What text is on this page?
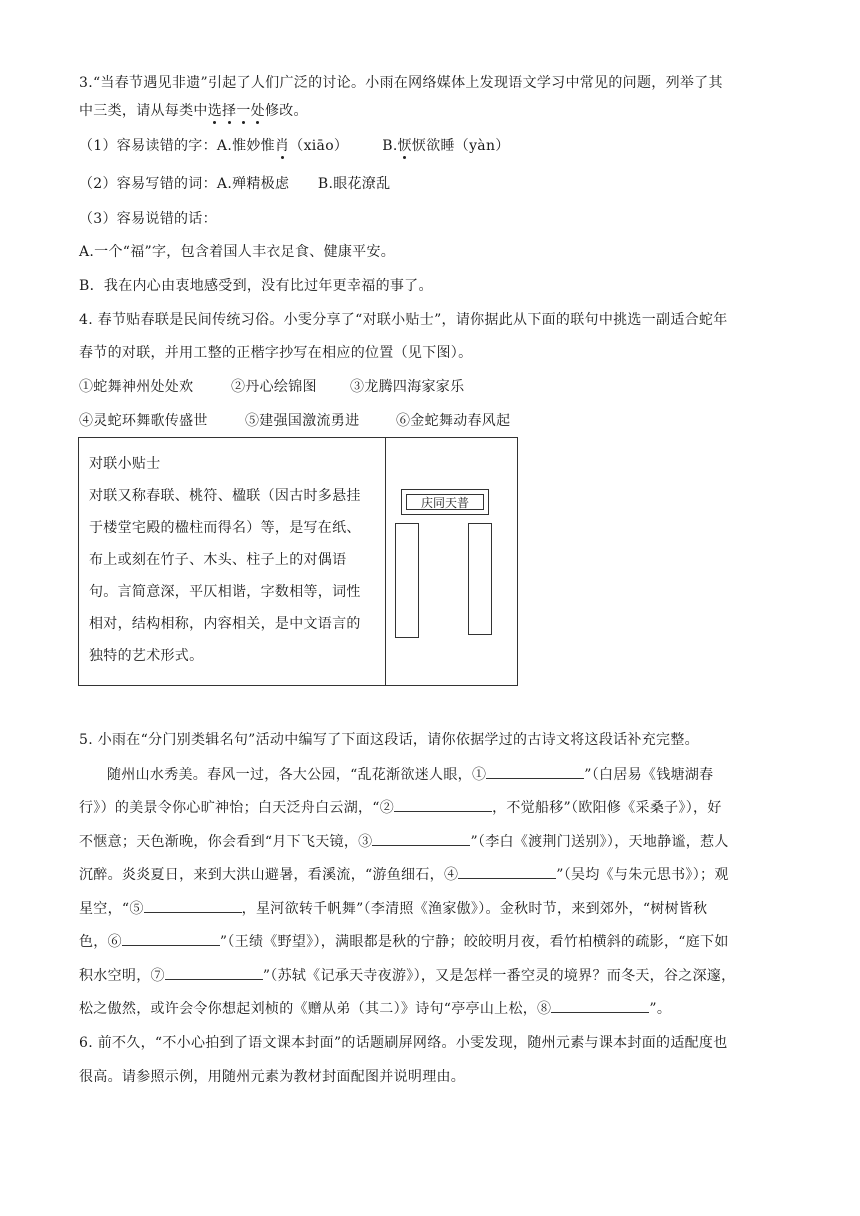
3.“当春节遇见非遗”引起了人们广泛的讨论。小雨在网络媒体上发现语文学习中常见的问题，列举了其
中三类，请从每类中选择一处修改。
（1）容易读错的字：A.惟妙惟肖（xiāo） B.恹恹欲睡（yàn）
（2）容易写错的词：A.殚精极虑　　B.眼花潦乱
（3）容易说错的话：
A.一个“福”字，包含着国人丰衣足食、健康平安。
B．我在内心由衷地感受到，没有比过年更幸福的事了。
4. 春节贴春联是民间传统习俗。小雯分享了“对联小贴士”，请你据此从下面的联句中挑选一副适合蛇年
春节的对联，并用工整的正楷字抄写在相应的位置（见下图）。
①蛇舞神州处处欢	②丹心绘锦图 ③龙腾四海家家乐
④灵蛇环舞歌传盛世	⑤建强国激流勇进	⑥金蛇舞动春风起
对联小贴士
对联又称春联、桃符、楹联（因古时多悬挂
于楼堂宅殿的楹柱而得名）等，是写在纸、
布上或刻在竹子、木头、柱子上的对偶语
句。言简意深，平仄相谐，字数相等，词性
相对，结构相称，内容相关，是中文语言的
独特的艺术形式。
庆同天普
5. 小雨在“分门别类辑名句”活动中编写了下面这段话，请你依据学过的古诗文将这段话补充完整。
随州山水秀美。春风一过，各大公园，“乱花渐欲迷人眼，①	”（白居易《钱塘湖春
行》）的美景令你心旷神怡；白天泛舟白云湖，“②	，不觉船移”（欧阳修《采桑子》），好
不惬意；天色渐晚，你会看到“月下飞天镜，③	”（李白《渡荆门送别》），天地静谧，惹人
沉醉。炎炎夏日，来到大洪山避暑，看溪流，“游鱼细石，④	”（吴均《与朱元思书》）；观
星空，“⑤	，星河欲转千帆舞”（李清照《渔家傲》）。金秋时节，来到郊外，“树树皆秋
色，⑥	”（王绩《野望》），满眼都是秋的宁静；皎皎明月夜，看竹柏横斜的疏影，“庭下如
积水空明，⑦	”（苏轼《记承天寺夜游》），又是怎样一番空灵的境界？而冬天，谷之深邃，
松之傲然，或许会令你想起刘桢的《赠从弟（其二）》诗句“亭亭山上松，⑧	”。
6. 前不久，“不小心拍到了语文课本封面”的话题刷屏网络。小雯发现，随州元素与课本封面的适配度也
很高。请参照示例，用随州元素为教材封面配图并说明理由。
